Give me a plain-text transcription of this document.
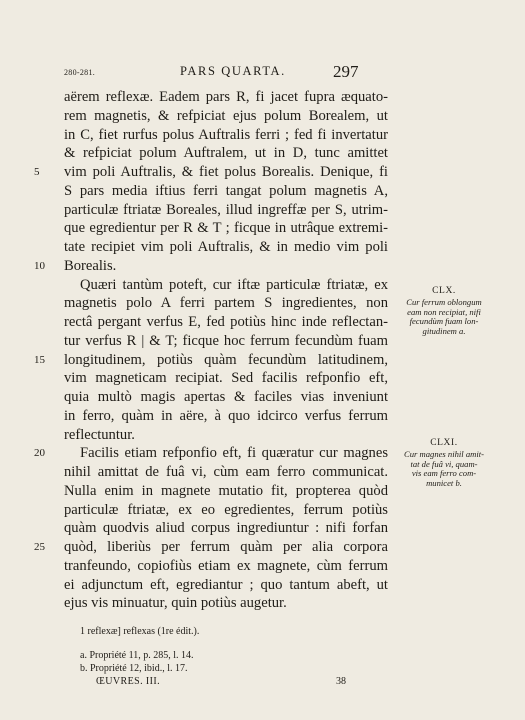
280-281.	PARS QUARTA.	297
aërem reflexæ. Eadem pars R, fi jacet fupra æquato-
rem magnetis, & refpiciat ejus polum Borealem, ut
in C, fiet rurfus polus Auftralis ferri ; fed fi invertatur
& refpiciat polum Auftralem, ut in D, tunc amittet
vim poli Auftralis, & fiet polus Borealis. Denique, fi
S pars media iftius ferri tangat polum magnetis A,
particulæ ftriatæ Boreales, illud ingreffæ per S, utrim-
que egredientur per R & T ; ficque in utrâque extremi-
tate recipiet vim poli Auftralis, & in medio vim poli
Borealis.
Quæri tantùm poteft, cur iftæ particulæ ftriatæ, ex
magnetis polo A ferri partem S ingredientes, non
rectâ pergant verfus E, fed potiùs hinc inde reflectan-
tur verfus R | & T; ficque hoc ferrum fecundùm fuam
longitudinem, potiùs quàm fecundùm latitudinem,
vim magneticam recipiat. Sed facilis refponfio eft,
quia multò magis apertas & faciles vias inveniunt
in ferro, quàm in aëre, à quo idcirco verfus ferrum
reflectuntur.
Facilis etiam refponfio eft, fi quæratur cur magnes
nihil amittat de fuâ vi, cùm eam ferro communicat.
Nulla enim in magnete mutatio fit, propterea quòd
particulæ ftriatæ, ex eo egredientes, ferrum potiùs
quàm quodvis aliud corpus ingrediuntur : nifi forfan
quòd, liberiùs per ferrum quàm per alia corpora
tranfeundo, copiofiùs etiam ex magnete, cùm ferrum
ei adjunctum eft, egrediantur ; quo tantum abeft, ut
ejus vis minuatur, quin potiùs augetur.
5
10
15
20
25
CLX.
Cur ferrum oblongum
eam non recipiat, nifi
fecundùm fuam lon-
gitudinem a.
CLXI.
Cur magnes nihil amit-
tat de fuâ vi, quam-
vis eam ferro com-
municet b.
1 reflexæ] reflexas (1re édit.).
a. Propriété 11, p. 285, l. 14.
b. Propriété 12, ibid., l. 17.
ŒUVRES. III.	38
